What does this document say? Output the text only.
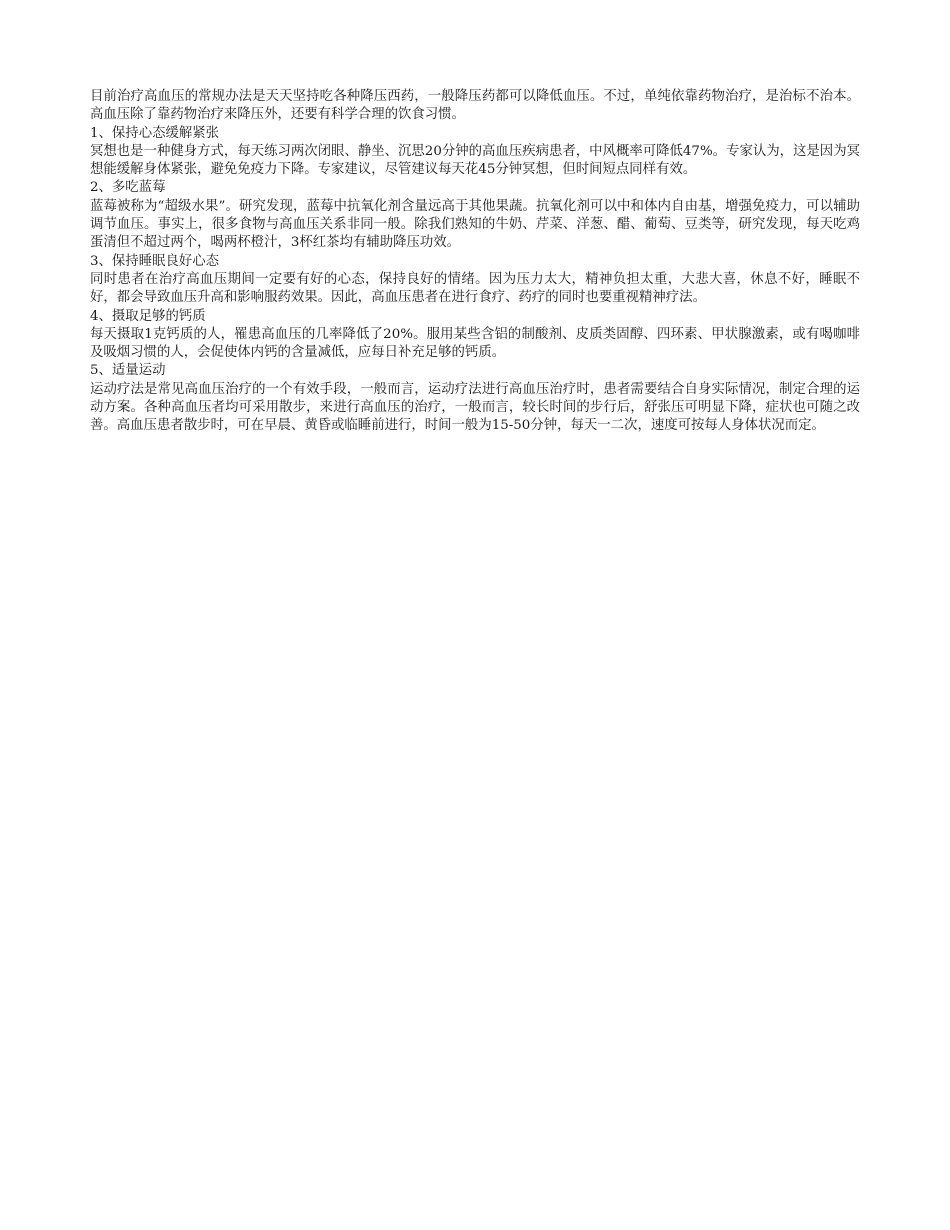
目前治疗高血压的常规办法是天天坚持吃各种降压西药，一般降压药都可以降低血压。不过，单纯依靠药物治疗，是治标不治本。高血压除了靠药物治疗来降压外，还要有科学合理的饮食习惯。

1、保持心态缓解紧张

冥想也是一种健身方式，每天练习两次闭眼、静坐、沉思20分钟的高血压疾病患者，中风概率可降低47%。专家认为，这是因为冥想能缓解身体紧张，避免免疫力下降。专家建议，尽管建议每天花45分钟冥想，但时间短点同样有效。

2、多吃蓝莓

蓝莓被称为“超级水果”。研究发现，蓝莓中抗氧化剂含量远高于其他果蔬。抗氧化剂可以中和体内自由基，增强免疫力，可以辅助调节血压。事实上，很多食物与高血压关系非同一般。除我们熟知的牛奶、芹菜、洋葱、醋、葡萄、豆类等，研究发现，每天吃鸡蛋清但不超过两个，喝两杯橙汁，3杯红茶均有辅助降压功效。

3、保持睡眠良好心态

同时患者在治疗高血压期间一定要有好的心态，保持良好的情绪。因为压力太大，精神负担太重，大悲大喜，休息不好，睡眠不好，都会导致血压升高和影响服药效果。因此，高血压患者在进行食疗、药疗的同时也要重视精神疗法。

4、摄取足够的钙质

每天摄取1克钙质的人，罹患高血压的几率降低了20%。服用某些含铝的制酸剂、皮质类固醇、四环素、甲状腺激素，或有喝咖啡及吸烟习惯的人，会促使体内钙的含量减低，应每日补充足够的钙质。

5、适量运动

运动疗法是常见高血压治疗的一个有效手段，一般而言，运动疗法进行高血压治疗时，患者需要结合自身实际情况，制定合理的运动方案。各种高血压者均可采用散步，来进行高血压的治疗，一般而言，较长时间的步行后，舒张压可明显下降，症状也可随之改善。高血压患者散步时，可在早晨、黄昏或临睡前进行，时间一般为15-50分钟，每天一二次，速度可按每人身体状况而定。
